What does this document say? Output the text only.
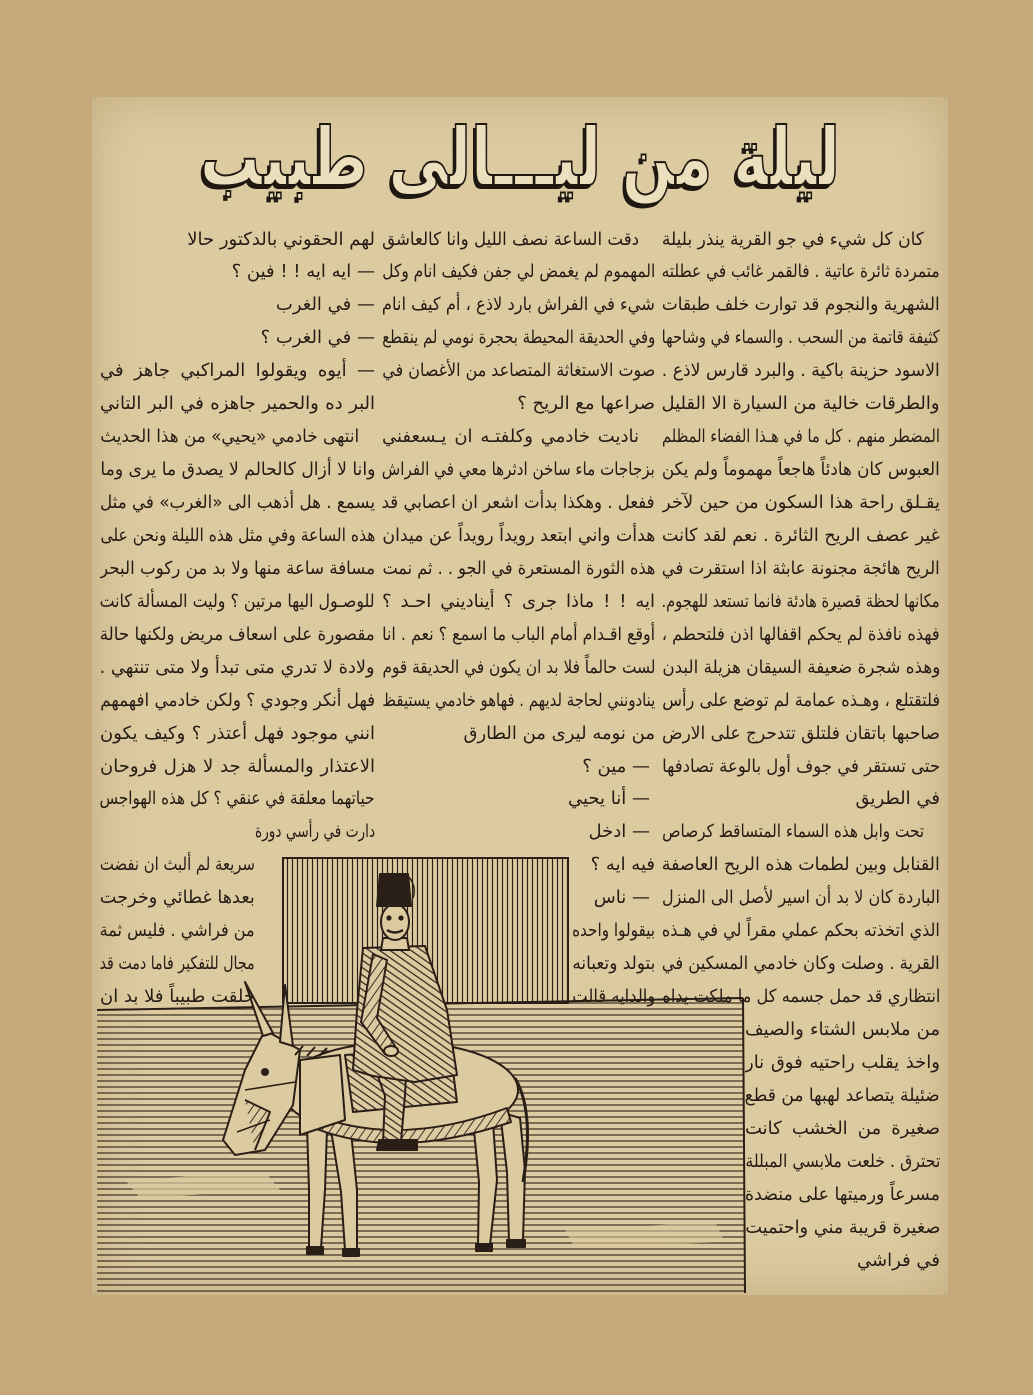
ليلة من ليـــالى طبيب
كان كل شيء في جو القرية ينذر بليلة
متمردة ثائرة عاتية . فالقمر غائب في عطلته
الشهرية والنجوم قد توارت خلف طبقات
كثيفة قاتمة من السحب . والسماء في وشاحها
الاسود حزينة باكية . والبرد قارس لاذع .
والطرقات خالية من السيارة الا القليل
المضطر منهم . كل ما في هـذا الفضاء المظلم
العبوس كان هادئاً هاجعاً مهموماً ولم يكن
يقـلق راحة هذا السكون من حين لآخر
غير عصف الريح الثائرة . نعم لقد كانت
الريح هائجة مجنونة عابثة اذا استقرت في
مكانها لحظة قصيرة هادئة فانما تستعد للهجوم.
فهذه نافذة لم يحكم اقفالها اذن فلتحطم ،
وهذه شجرة ضعيفة السيقان هزيلة البدن
فلتقتلع ، وهـذه عمامة لم توضع على رأس
صاحبها باتقان فلتلق تتدحرج على الارض
حتى تستقر في جوف أول بالوعة تصادفها
في الطريق
تحت وابل هذه السماء المتساقط كرصاص
القنابل وبين لطمات هذه الريح العاصفة
الباردة كان لا بد أن اسير لأصل الى المنزل
الذي اتخذته بحكم عملي مقراً لي في هـذه
القرية . وصلت وكان خادمي المسكين في
انتظاري قد حمل جسمه كل ما ملكت يداه
من ملابس الشتاء والصيف
واخذ يقلب راحتيه فوق نار
ضئيلة يتصاعد لهبها من قطع
صغيرة من الخشب كانت
تحترق . خلعت ملابسي المبللة
مسرعاً ورميتها على منضدة
صغيرة قريبة مني واحتميت
في فراشي
دقت الساعة نصف الليل وانا كالعاشق
المهموم لم يغمض لي جفن فكيف انام وكل
شيء في الفراش بارد لاذع ، أم كيف انام
وفي الحديقة المحيطة بحجرة نومي لم ينقطع
صوت الاستغاثة المتصاعد من الأغصان في
صراعها مع الريح ؟
ناديت خادمي وكلفتـه ان يـسعفني
بزجاجات ماء ساخن ادثرها معي في الفراش
ففعل . وهكذا بدأت اشعر ان اعصابي قد
هدأت واني ابتعد رويداً رويداً عن ميدان
هذه الثورة المستعرة في الجو . . ثم نمت
ايه ! ! ماذا جرى ؟ أيناديني احـد ؟
أوقع اقـدام أمام الباب ما اسمع ؟ نعم . انا
لست حالماً فلا بد ان يكون في الحديقة قوم
ينادونني لحاجة لديهم . فهاهو خادمي يستيقظ
من نومه ليرى من الطارق
— مين ؟
— أنا يحيي
— ادخل
فيه ايه ؟
— ناس
بيقولوا واحده
بتولد وتعبانه
والدايه قالت
لهم الحقوني بالدكتور حالا
— ايه ايه ! ! فين ؟
— في الغرب
— في الغرب ؟
— أيوه ويقولوا المراكبي جاهز في
البر ده والحمير جاهزه في البر التاني
انتهى خادمي «يحيي» من هذا الحديث
وانا لا أزال كالحالم لا يصدق ما يرى وما
يسمع . هل أذهب الى «الغرب» في مثل
هذه الساعة وفي مثل هذه الليلة ونحن على
مسافة ساعة منها ولا بد من ركوب البحر
للوصـول اليها مرتين ؟ وليت المسألة كانت
مقصورة على اسعاف مريض ولكنها حالة
ولادة لا تدري متى تبدأ ولا متى تنتهي .
فهل أنكر وجودي ؟ ولكن خادمي افهمهم
انني موجود فهل أعتذر ؟ وكيف يكون
الاعتذار والمسألة جد لا هزل فروحان
حياتهما معلقة في عنقي ؟ كل هذه الهواجس
دارت في رأسي دورة
سريعة لم ألبث ان نفضت
بعدها غطائي وخرجت
من فراشي . فليس ثمة
مجال للتفكير فاما دمت قد
خلقت طبيباً فلا بد ان
